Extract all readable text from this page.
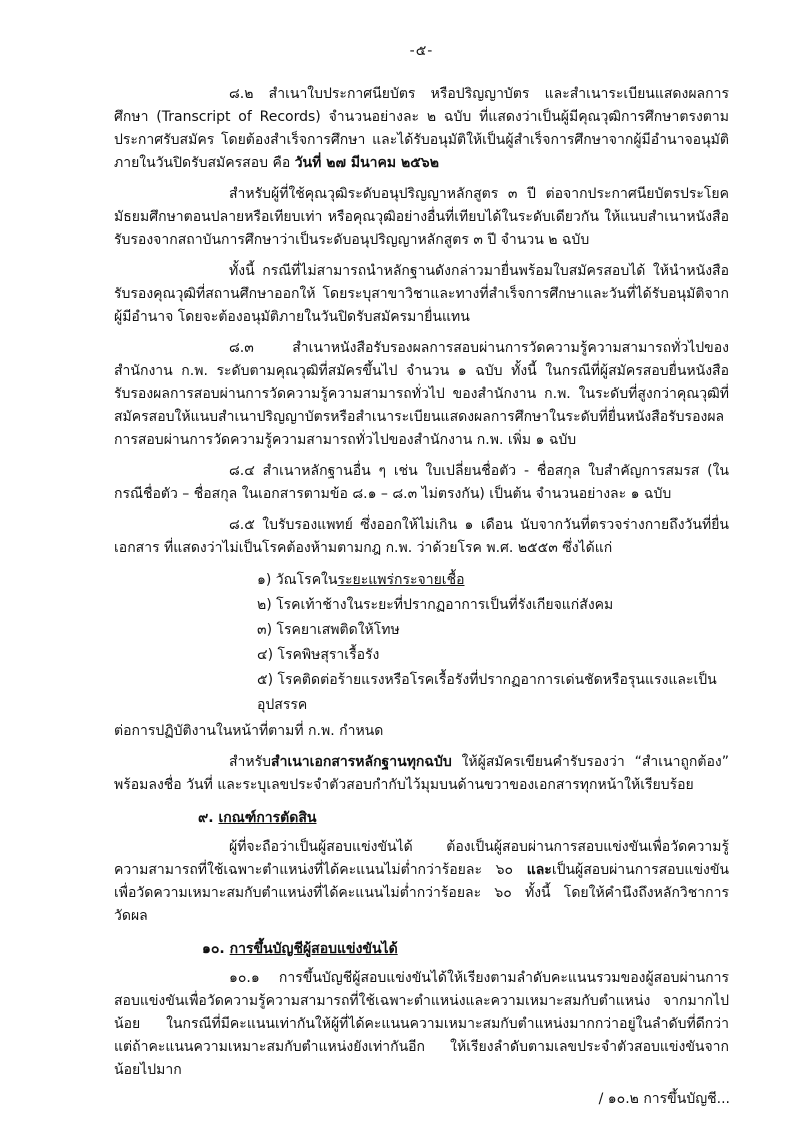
-๕-

๘.๒ สำเนาใบประกาศนียบัตร หรือปริญญาบัตร และสำเนาระเบียนแสดงผลการศึกษา (Transcript of Records) จำนวนอย่างละ ๒ ฉบับ ที่แสดงว่าเป็นผู้มีคุณวุฒิการศึกษาตรงตามประกาศรับสมัคร โดยต้องสำเร็จการศึกษา และได้รับอนุมัติให้เป็นผู้สำเร็จการศึกษาจากผู้มีอำนาจอนุมัติภายในวันปิดรับสมัครสอบ คือ วันที่ ๒๗ มีนาคม ๒๕๖๒

สำหรับผู้ที่ใช้คุณวุฒิระดับอนุปริญญาหลักสูตร ๓ ปี ต่อจากประกาศนียบัตรประโยคมัธยมศึกษาตอนปลายหรือเทียบเท่า หรือคุณวุฒิอย่างอื่นที่เทียบได้ในระดับเดียวกัน ให้แนบสำเนาหนังสือรับรองจากสถาบันการศึกษาว่าเป็นระดับอนุปริญญาหลักสูตร ๓ ปี จำนวน ๒ ฉบับ

ทั้งนี้ กรณีที่ไม่สามารถนำหลักฐานดังกล่าวมายื่นพร้อมใบสมัครสอบได้ ให้นำหนังสือรับรองคุณวุฒิที่สถานศึกษาออกให้ โดยระบุสาขาวิชาและทางที่สำเร็จการศึกษาและวันที่ได้รับอนุมัติจากผู้มีอำนาจ โดยจะต้องอนุมัติภายในวันปิดรับสมัครมายื่นแทน

๘.๓ สำเนาหนังสือรับรองผลการสอบผ่านการวัดความรู้ความสามารถทั่วไปของสำนักงาน ก.พ. ระดับตามคุณวุฒิที่สมัครขึ้นไป จำนวน ๑ ฉบับ ทั้งนี้ ในกรณีที่ผู้สมัครสอบยื่นหนังสือรับรองผลการสอบผ่านการวัดความรู้ความสามารถทั่วไป ของสำนักงาน ก.พ. ในระดับที่สูงกว่าคุณวุฒิที่สมัครสอบให้แนบสำเนาปริญญาบัตรหรือสำเนาระเบียนแสดงผลการศึกษาในระดับที่ยื่นหนังสือรับรองผลการสอบผ่านการวัดความรู้ความสามารถทั่วไปของสำนักงาน ก.พ. เพิ่ม ๑ ฉบับ

๘.๔ สำเนาหลักฐานอื่น ๆ เช่น ใบเปลี่ยนชื่อตัว - ชื่อสกุล ใบสำคัญการสมรส (ในกรณีชื่อตัว – ชื่อสกุล ในเอกสารตามข้อ ๘.๑ – ๘.๓ ไม่ตรงกัน) เป็นต้น จำนวนอย่างละ ๑ ฉบับ

๘.๕ ใบรับรองแพทย์ ซึ่งออกให้ไม่เกิน ๑ เดือน นับจากวันที่ตรวจร่างกายถึงวันที่ยื่นเอกสาร ที่แสดงว่าไม่เป็นโรคต้องห้ามตามกฎ ก.พ. ว่าด้วยโรค พ.ศ. ๒๕๕๓ ซึ่งได้แก่

๑) วัณโรคในระยะแพร่กระจายเชื้อ
๒) โรคเท้าช้างในระยะที่ปรากฏอาการเป็นที่รังเกียจแก่สังคม
๓) โรคยาเสพติดให้โทษ
๔) โรคพิษสุราเรื้อรัง
๕) โรคติดต่อร้ายแรงหรือโรคเรื้อรังที่ปรากฏอาการเด่นชัดหรือรุนแรงและเป็นอุปสรรค
ต่อการปฏิบัติงานในหน้าที่ตามที่ ก.พ. กำหนด

สำหรับสำเนาเอกสารหลักฐานทุกฉบับ ให้ผู้สมัครเขียนคำรับรองว่า “สำเนาถูกต้อง” พร้อมลงชื่อ วันที่ และระบุเลขประจำตัวสอบกำกับไว้มุมบนด้านขวาของเอกสารทุกหน้าให้เรียบร้อย

๙. เกณฑ์การตัดสิน

ผู้ที่จะถือว่าเป็นผู้สอบแข่งขันได้ ต้องเป็นผู้สอบผ่านการสอบแข่งขันเพื่อวัดความรู้ความสามารถที่ใช้เฉพาะตำแหน่งที่ได้คะแนนไม่ต่ำกว่าร้อยละ ๖๐ และเป็นผู้สอบผ่านการสอบแข่งขันเพื่อวัดความเหมาะสมกับตำแหน่งที่ได้คะแนนไม่ต่ำกว่าร้อยละ ๖๐ ทั้งนี้ โดยให้คำนึงถึงหลักวิชาการวัดผล

๑๐. การขึ้นบัญชีผู้สอบแข่งขันได้

๑๐.๑ การขึ้นบัญชีผู้สอบแข่งขันได้ให้เรียงตามลำดับคะแนนรวมของผู้สอบผ่านการสอบแข่งขันเพื่อวัดความรู้ความสามารถที่ใช้เฉพาะตำแหน่งและความเหมาะสมกับตำแหน่ง จากมากไปน้อย ในกรณีที่มีคะแนนเท่ากันให้ผู้ที่ได้คะแนนความเหมาะสมกับตำแหน่งมากกว่าอยู่ในลำดับที่ดีกว่า แต่ถ้าคะแนนความเหมาะสมกับตำแหน่งยังเท่ากันอีก ให้เรียงลำดับตามเลขประจำตัวสอบแข่งขันจากน้อยไปมาก

/ ๑๐.๒ การขึ้นบัญชี...
